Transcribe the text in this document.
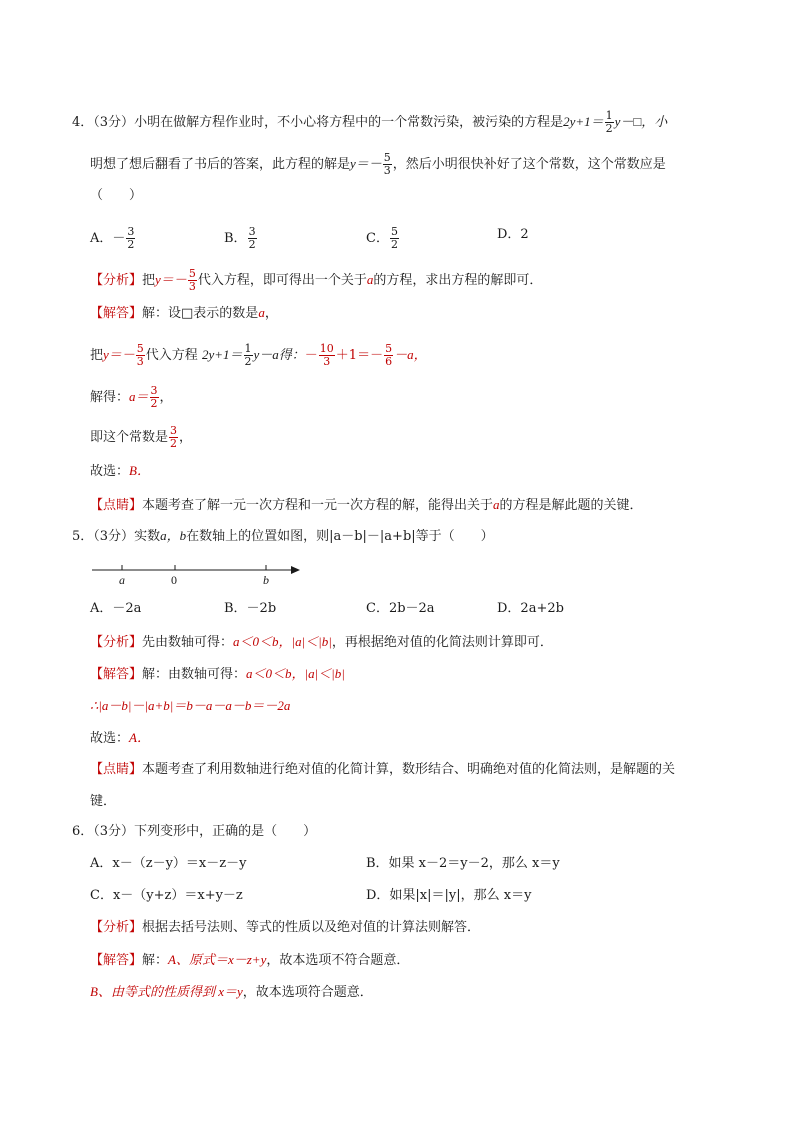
4．（3分）小明在做解方程作业时，不小心将方程中的一个常数污染，被污染的方程是$2y+1= \frac{1}{2}$ y－□，小
明想了想后翻看了书后的答案，此方程的解是$y=- \frac{5}{3}$ ，然后小明很快补好了这个常数，这个常数应是
（　　）
A．－ $\frac{3}{2}$	B． $\frac{3}{2}$	C． $\frac{5}{2}$	D．2
【分析】把$y=- \frac{5}{3}$ 代入方程，即可得出一个关于a的方程，求出方程的解即可．
【解答】解：设□表示的数是a，
把$y=- \frac{5}{3}$ 代入方程 $2y+1= \frac{1}{2} y-a$得：－ $\frac{10}{3} +1=- \frac{5}{6} -a$，
解得：$a= \frac{3}{2}$ ，
即这个常数是 $\frac{3}{2}$ ，
故选：B．
【点睛】本题考查了解一元一次方程和一元一次方程的解，能得出关于a的方程是解此题的关键．
5．（3分）实数a，b在数轴上的位置如图，则|a－b|－|a+b|等于（　　）
a	0	b
A．－2a	B．－2b	C．2b－2a	D．2a+2b
【分析】先由数轴可得：a＜0＜b，|a|＜|b|，再根据绝对值的化简法则计算即可．
【解答】解：由数轴可得：a＜0＜b，|a|＜|b|
∴|a－b|－|a+b|＝b－a－a－b＝－2a
故选：A．
【点睛】本题考查了利用数轴进行绝对值的化简计算，数形结合、明确绝对值的化简法则，是解题的关
键．
6．（3分）下列变形中，正确的是（　　）
A．x－（z－y）＝x－z－y	B．如果 x－2＝y－2，那么 x＝y
C．x－（y+z）＝x+y－z	D．如果|x|＝|y|，那么 x＝y
【分析】根据去括号法则、等式的性质以及绝对值的计算法则解答．
【解答】解：A、原式＝x－z+y，故本选项不符合题意．
B、由等式的性质得到 x＝y，故本选项符合题意．
